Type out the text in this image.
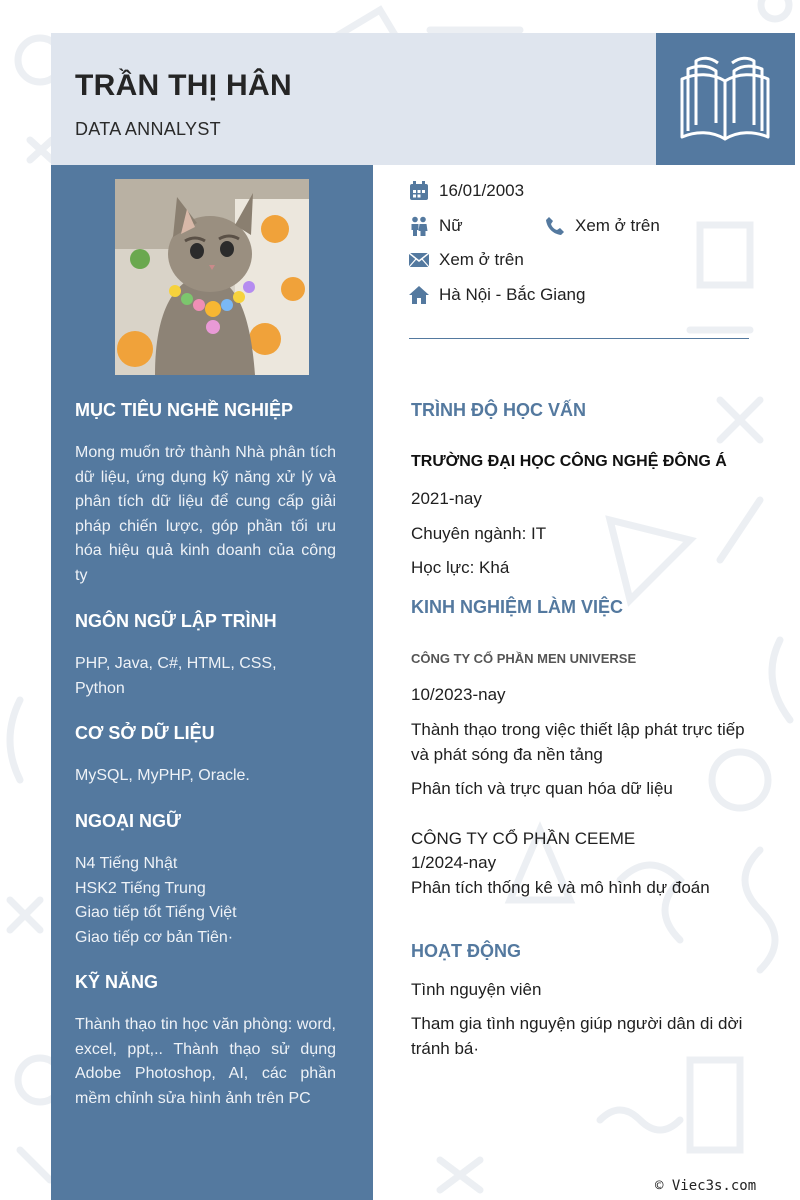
TRẦN THỊ HÂN
DATA ANNALYST
MỤC TIÊU NGHỀ NGHIỆP
Mong muốn trở thành Nhà phân tích dữ liệu, ứng dụng kỹ năng xử lý và phân tích dữ liệu để cung cấp giải pháp chiến lược, góp phần tối ưu hóa hiệu quả kinh doanh của công ty
NGÔN NGỮ LẬP TRÌNH
PHP, Java, C#, HTML, CSS, Python
CƠ SỞ DỮ LIỆU
MySQL, MyPHP, Oracle.
NGOẠI NGỮ
N4 Tiếng Nhật
HSK2 Tiếng Trung
Giao tiếp tốt Tiếng Việt
Giao tiếp cơ bản Tiên·
KỸ NĂNG
Thành thạo tin học văn phòng: word, excel, ppt,.. Thành thạo sử dụng Adobe Photoshop, AI, các phần mềm chỉnh sửa hình ảnh trên PC
16/01/2003
Nữ	Xem ở trên
Xem ở trên
Hà Nội - Bắc Giang
TRÌNH ĐỘ HỌC VẤN
TRƯỜNG ĐẠI HỌC CÔNG NGHỆ ĐÔNG Á
2021-nay
Chuyên ngành: IT
Học lực: Khá
KINH NGHIỆM LÀM VIỆC
CÔNG TY CỔ PHẦN MEN UNIVERSE
10/2023-nay
Thành thạo trong việc thiết lập phát trực tiếp và phát sóng đa nền tảng
Phân tích và trực quan hóa dữ liệu
CÔNG TY CỔ PHẦN CEEME
1/2024-nay
Phân tích thống kê và mô hình dự đoán
HOẠT ĐỘNG
Tình nguyện viên
Tham gia tình nguyện giúp người dân di dời tránh bá·
© Viec3s.com
